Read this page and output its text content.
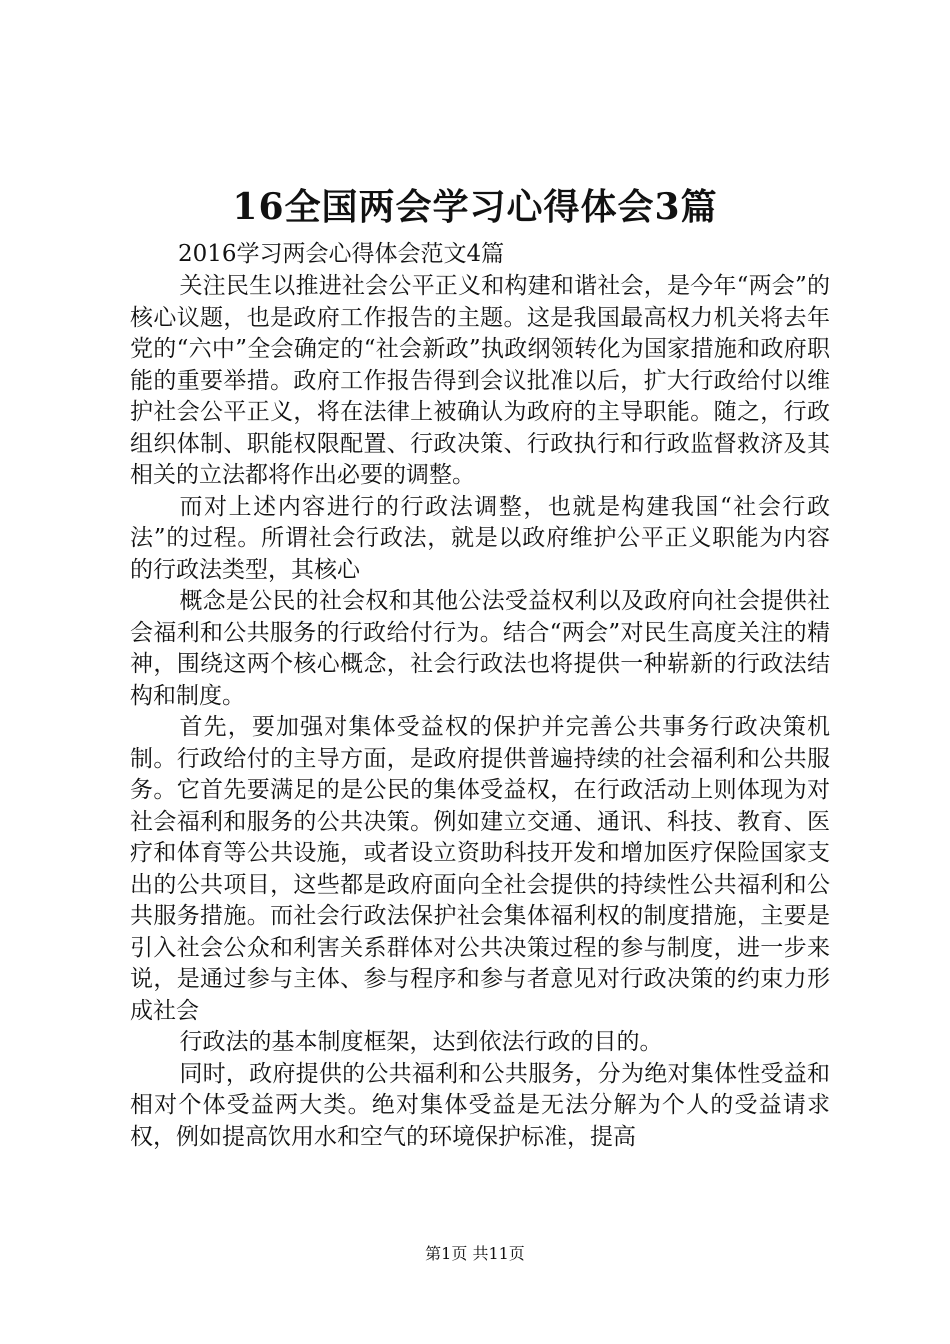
16全国两会学习心得体会3篇
2016学习两会心得体会范文4篇

关注民生以推进社会公平正义和构建和谐社会，是今年“两会”的核心议题，也是政府工作报告的主题。这是我国最高权力机关将去年党的“六中”全会确定的“社会新政”执政纲领转化为国家措施和政府职能的重要举措。政府工作报告得到会议批准以后，扩大行政给付以维护社会公平正义，将在法律上被确认为政府的主导职能。随之，行政组织体制、职能权限配置、行政决策、行政执行和行政监督救济及其相关的立法都将作出必要的调整。

而对上述内容进行的行政法调整，也就是构建我国“社会行政法”的过程。所谓社会行政法，就是以政府维护公平正义职能为内容的行政法类型，其核心

概念是公民的社会权和其他公法受益权利以及政府向社会提供社会福利和公共服务的行政给付行为。结合“两会”对民生高度关注的精神，围绕这两个核心概念，社会行政法也将提供一种崭新的行政法结构和制度。

首先，要加强对集体受益权的保护并完善公共事务行政决策机制。行政给付的主导方面，是政府提供普遍持续的社会福利和公共服务。它首先要满足的是公民的集体受益权，在行政活动上则体现为对社会福利和服务的公共决策。例如建立交通、通讯、科技、教育、医疗和体育等公共设施，或者设立资助科技开发和增加医疗保险国家支出的公共项目，这些都是政府面向全社会提供的持续性公共福利和公共服务措施。而社会行政法保护社会集体福利权的制度措施，主要是引入社会公众和利害关系群体对公共决策过程的参与制度，进一步来说，是通过参与主体、参与程序和参与者意见对行政决策的约束力形成社会

行政法的基本制度框架，达到依法行政的目的。

同时，政府提供的公共福利和公共服务，分为绝对集体性受益和相对个体受益两大类。绝对集体受益是无法分解为个人的受益请求权，例如提高饮用水和空气的环境保护标准，提高

第1页 共11页
